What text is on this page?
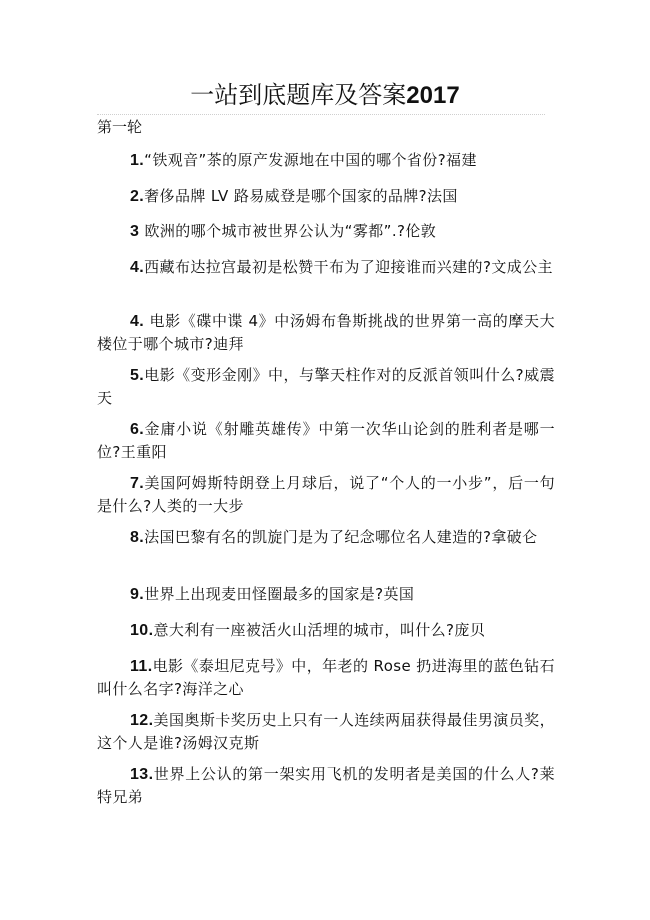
一站到底题库及答案2017
第一轮
1.“铁观音”茶的原产发源地在中国的哪个省份?福建
2.奢侈品牌 LV 路易威登是哪个国家的品牌?法国
3 欧洲的哪个城市被世界公认为“雾都”.?伦敦
4.西藏布达拉宫最初是松赞干布为了迎接谁而兴建的?文成公主
4. 电影《碟中谍 4》中汤姆布鲁斯挑战的世界第一高的摩天大楼位于哪个城市?迪拜
5.电影《变形金刚》中，与擎天柱作对的反派首领叫什么?威震天
6.金庸小说《射雕英雄传》中第一次华山论剑的胜利者是哪一位?王重阳
7.美国阿姆斯特朗登上月球后，说了“个人的一小步”，后一句是什么?人类的一大步
8.法国巴黎有名的凯旋门是为了纪念哪位名人建造的?拿破仑
9.世界上出现麦田怪圈最多的国家是?英国
10.意大利有一座被活火山活埋的城市，叫什么?庞贝
11.电影《泰坦尼克号》中，年老的 Rose 扔进海里的蓝色钻石叫什么名字?海洋之心
12.美国奥斯卡奖历史上只有一人连续两届获得最佳男演员奖，这个人是谁?汤姆汉克斯
13.世界上公认的第一架实用飞机的发明者是美国的什么人?莱特兄弟
